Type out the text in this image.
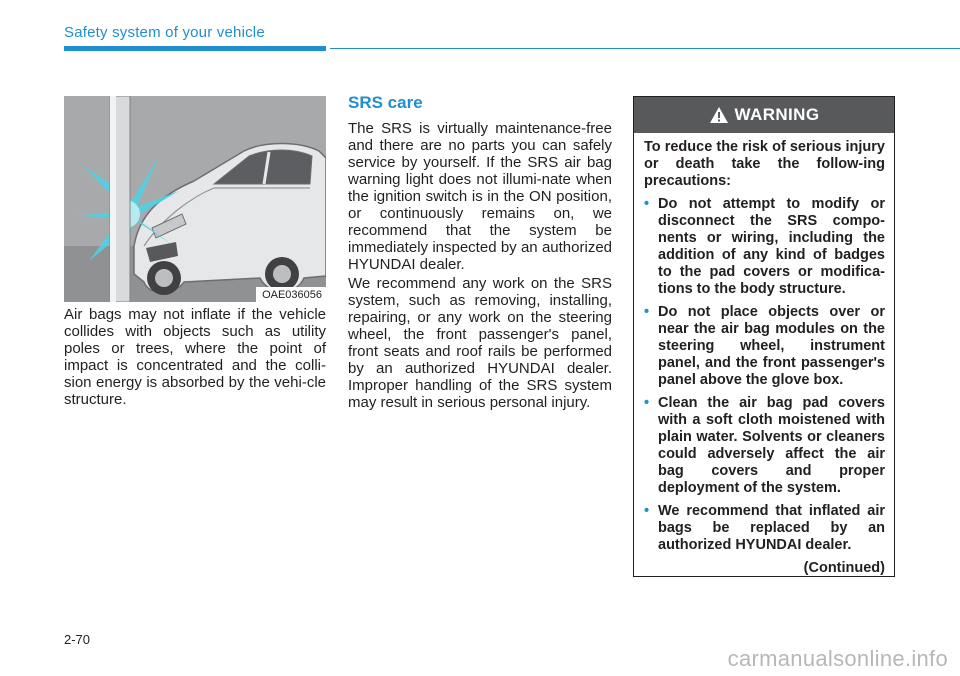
Safety system of your vehicle
OAE036056

Air bags may not inflate if the vehicle collides with objects such as utility poles or trees, where the point of impact is concentrated and the colli-sion energy is absorbed by the vehi-cle structure.

SRS care

The SRS is virtually maintenance-free and there are no parts you can safely service by yourself. If the SRS air bag warning light does not illumi-nate when the ignition switch is in the ON position, or continuously remains on, we recommend that the system be immediately inspected by an authorized HYUNDAI dealer.

We recommend any work on the SRS system, such as removing, installing, repairing, or any work on the steering wheel, the front passenger's panel, front seats and roof rails be performed by an authorized HYUNDAI dealer. Improper handling of the SRS system may result in serious personal injury.

WARNING

To reduce the risk of serious injury or death take the follow-ing precautions:

• Do not attempt to modify or disconnect the SRS compo-nents or wiring, including the addition of any kind of badges to the pad covers or modifica-tions to the body structure.
• Do not place objects over or near the air bag modules on the steering wheel, instrument panel, and the front passenger's panel above the glove box.
• Clean the air bag pad covers with a soft cloth moistened with plain water. Solvents or cleaners could adversely affect the air bag covers and proper deployment of the system.
• We recommend that inflated air bags be replaced by an authorized HYUNDAI dealer.

(Continued)

2-70

carmanualsonline.info
